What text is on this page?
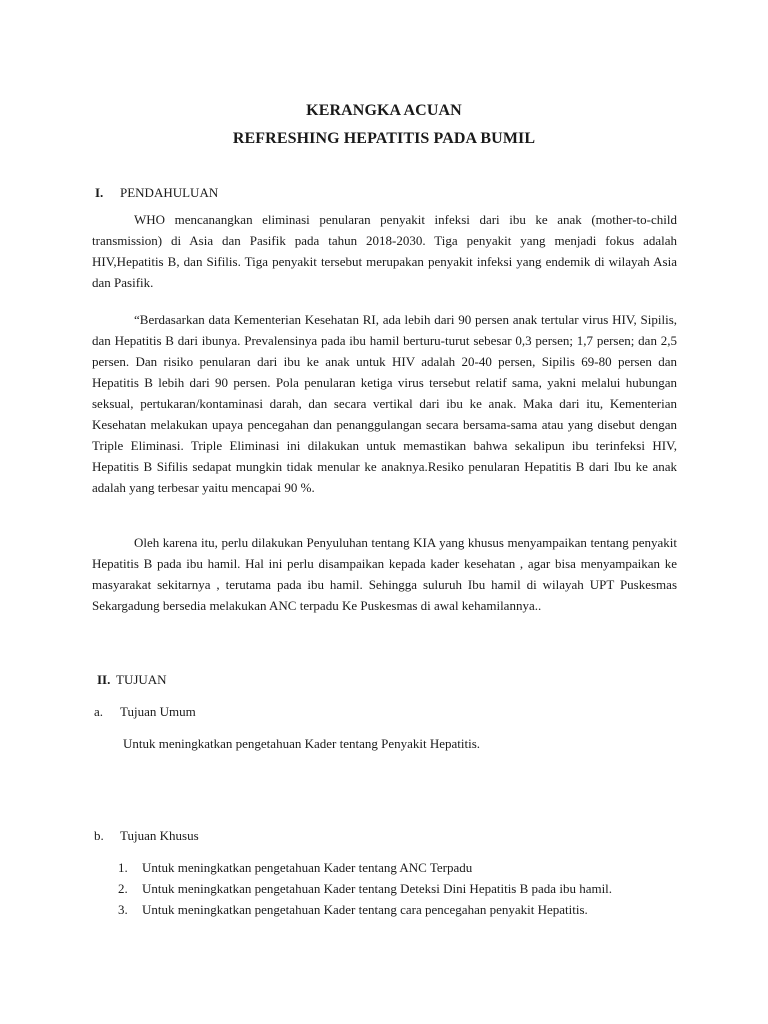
KERANGKA ACUAN
REFRESHING HEPATITIS PADA BUMIL
I. PENDAHULUAN

WHO mencanangkan eliminasi penularan penyakit infeksi dari ibu ke anak (mother-to-child transmission) di Asia dan Pasifik pada tahun 2018-2030. Tiga penyakit yang menjadi fokus adalah HIV,Hepatitis B, dan Sifilis. Tiga penyakit tersebut merupakan penyakit infeksi yang endemik di wilayah Asia dan Pasifik.

“Berdasarkan data Kementerian Kesehatan RI, ada lebih dari 90 persen anak tertular virus HIV, Sipilis, dan Hepatitis B dari ibunya. Prevalensinya pada ibu hamil berturu-turut sebesar 0,3 persen; 1,7 persen; dan 2,5 persen. Dan risiko penularan dari ibu ke anak untuk HIV adalah 20-40 persen, Sipilis 69-80 persen dan Hepatitis B lebih dari 90 persen. Pola penularan ketiga virus tersebut relatif sama, yakni melalui hubungan seksual, pertukaran/kontaminasi darah, dan secara vertikal dari ibu ke anak. Maka dari itu, Kementerian Kesehatan melakukan upaya pencegahan dan penanggulangan secara bersama-sama atau yang disebut dengan Triple Eliminasi. Triple Eliminasi ini dilakukan untuk memastikan bahwa sekalipun ibu terinfeksi HIV, Hepatitis B Sifilis sedapat mungkin tidak menular ke anaknya.Resiko penularan Hepatitis B dari Ibu ke anak adalah yang terbesar yaitu mencapai 90 %.

Oleh karena itu, perlu dilakukan Penyuluhan tentang KIA yang khusus menyampaikan tentang penyakit Hepatitis B pada ibu hamil. Hal ini perlu disampaikan kepada kader kesehatan , agar bisa menyampaikan ke masyarakat sekitarnya , terutama pada ibu hamil. Sehingga suluruh Ibu hamil di wilayah UPT Puskesmas Sekargadung bersedia melakukan ANC terpadu Ke Puskesmas di awal kehamilannya..

II. TUJUAN
a. Tujuan Umum
Untuk meningkatkan pengetahuan Kader tentang Penyakit Hepatitis.
b. Tujuan Khusus
1. Untuk meningkatkan pengetahuan Kader tentang ANC Terpadu
2. Untuk meningkatkan pengetahuan Kader tentang Deteksi Dini Hepatitis B pada ibu hamil.
3. Untuk meningkatkan pengetahuan Kader tentang cara pencegahan penyakit Hepatitis.
